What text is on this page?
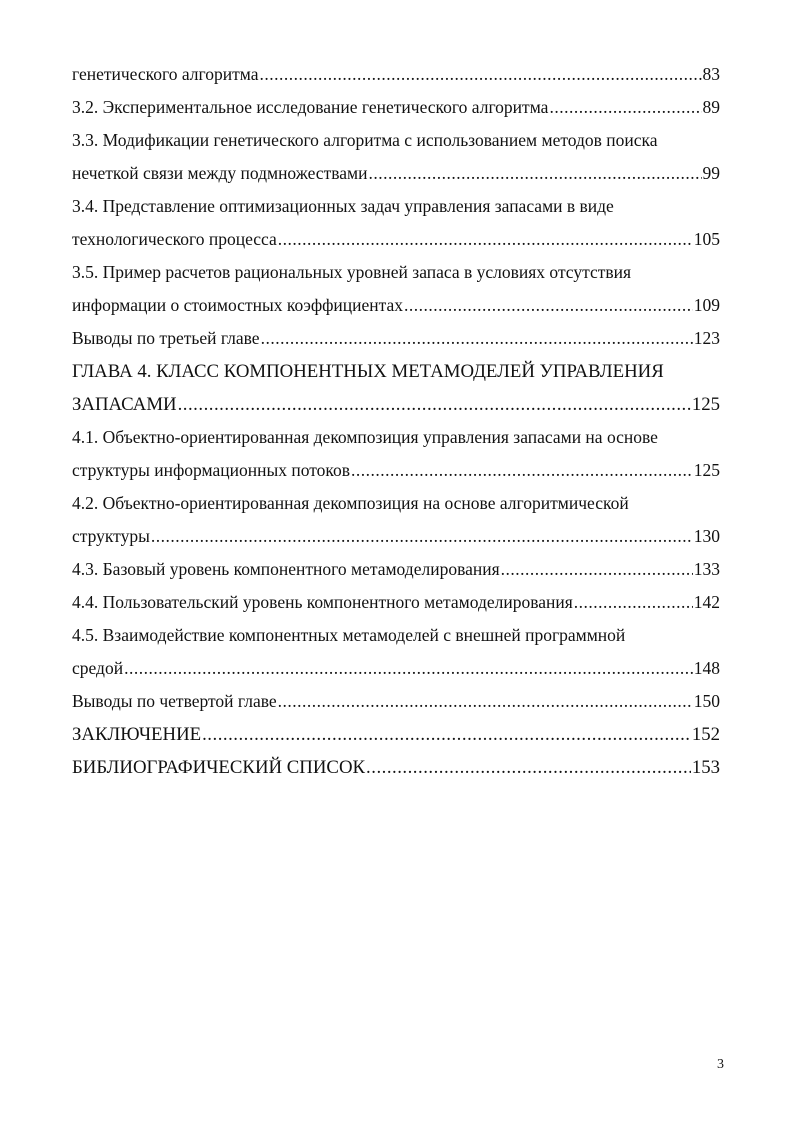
генетического алгоритма .....	83
3.2. Экспериментальное исследование генетического алгоритма .....	89
3.3. Модификации генетического алгоритма с использованием методов поиска
нечеткой связи между подмножествами .....	99
3.4. Представление оптимизационных задач управления запасами в виде
технологического процесса .....	105
3.5. Пример расчетов рациональных уровней запаса в условиях отсутствия
информации о стоимостных коэффициентах .....	109
Выводы по третьей главе .....	123
ГЛАВА 4. КЛАСС КОМПОНЕНТНЫХ МЕТАМОДЕЛЕЙ УПРАВЛЕНИЯ
ЗАПАСАМИ .....	125
4.1. Объектно-ориентированная декомпозиция управления запасами на основе
структуры информационных потоков .....	125
4.2. Объектно-ориентированная декомпозиция на основе алгоритмической
структуры .....	130
4.3. Базовый уровень компонентного метамоделирования .....	133
4.4. Пользовательский уровень компонентного метамоделирования .....	142
4.5. Взаимодействие компонентных метамоделей с внешней программной
средой .....	148
Выводы по четвертой главе .....	150
ЗАКЛЮЧЕНИЕ .....	152
БИБЛИОГРАФИЧЕСКИЙ СПИСОК .....	153
3
